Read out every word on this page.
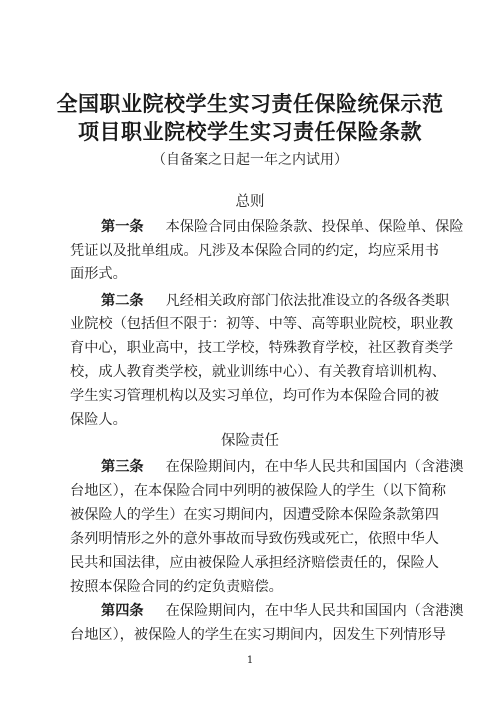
全国职业院校学生实习责任保险统保示范
项目职业院校学生实习责任保险条款
（自备案之日起一年之内试用）
总则
第一条 本保险合同由保险条款、投保单、保险单、保险
凭证以及批单组成。凡涉及本保险合同的约定，均应采用书
面形式。
第二条 凡经相关政府部门依法批准设立的各级各类职
业院校（包括但不限于：初等、中等、高等职业院校，职业教
育中心，职业高中，技工学校，特殊教育学校，社区教育类学
校，成人教育类学校，就业训练中心）、有关教育培训机构、
学生实习管理机构以及实习单位，均可作为本保险合同的被
保险人。
保险责任
第三条 在保险期间内，在中华人民共和国国内（含港澳
台地区），在本保险合同中列明的被保险人的学生（以下简称
被保险人的学生）在实习期间内，因遭受除本保险条款第四
条列明情形之外的意外事故而导致伤残或死亡，依照中华人
民共和国法律，应由被保险人承担经济赔偿责任的，保险人
按照本保险合同的约定负责赔偿。
第四条 在保险期间内，在中华人民共和国国内（含港澳
台地区），被保险人的学生在实习期间内，因发生下列情形导
1
